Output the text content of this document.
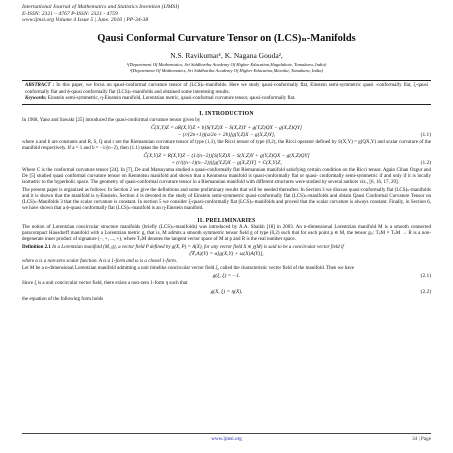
International Journal of Mathematics and Statistics Invention (IJMSI)
E-ISSN: 2321 – 4767 P-ISSN: 2321 - 4759
www.ijmsi.org Volume 4 Issue 5 | June. 2016 | PP-34-38
Qausi Conformal Curvature Tensor on (LCS)ₙ-Manifolds
N.S. Ravikumar¹, K. Nagana Gouda²,
¹(Department Of Mathematics, Sri Siddhartha Academy Of Higher Education,Hagalakote, Tumakuru, India)
²(Department Of Mathematics, Sri Siddhartha Academy Of Higher Education,Maralur, Tumakuru, India)
ABSTRACT : In this paper, we focus on qausi-conformal curvature tensor of (LCS)ₙ-manifolds. Here we study qausi-conformally flat, Einstein semi-symmetric qausi -conformally flat, ξ-qausi conformally flat and ϕ-qausi conformally flat (LCS)ₙ-manifolds and obtained some interesting results.
Keywords: Einstein semi-symmetric, η-Einstein manifold, Lorentzian metric, qausi-conformal curvature tensor, qausi-conformally flat.
I. INTRODUCTION
In 1968, Yano and Sawaki [25] introduced the quasi-conformal curvature tensor given by
C̃(X,Y)Z = aR(X,Y)Z + b[S(Y,Z)X − S(X,Z)Y + g(Y,Z)QX − g(X,Z)QY]
− (r/(2n+1))(a/2n + 2b)[g(Y,Z)X − g(X,Z)Y],	(1.1)
where a and b are constants and R, S, Q and r are the Riemannian curvature tensor of type (1,3), the Ricci tensor of type (0,2), the Ricci operator defined by S(X,Y) = g(QX,Y) and scalar curvature of the manifold respectively. If a = 1 and b = −1/(n−2), then (1.1) takes the form
C̃(X,Y)Z = R(X,Y)Z − (1/(n−2))[S(Y,Z)X − S(X,Z)Y + g(Y,Z)QX − g(X,Z)QY]
+ (r/((n−1)(n−2)))[g(Y,Z)X − g(X,Z)Y] = C(X,Y)Z,	(1.2)
Where C is the conformal curvature tensor [24]. In [7], De and Matsuyama studied a quasi-conformally flat Riemannian manifold satisfying certain condition on the Ricci tensor. Again Cihan Ozgur and De [5] studied quasi conformal curvature tensor on Kenmotsu manifold and shown that a Kenmotsu manifold is quasi-conformally flat or quasi- conformally semi-symmetric if and only if it is locally isometric to the hyperbolic space. The geometry of quasi-conformal curvature tensor in a Riemannian manifold with different structures were studied by several authors viz., [6, 16, 17, 20].
The present paper is organized as follows: In Section 2 we give the definitions and some preliminary results that will be needed thereafter. In Section 3 we discuss quasi-conformally flat (LCS)ₙ-manifolds and it is shown that the manifold is η-Einstein. Section 4 is devoted to the study of Einstein semi-symmetric quasi-conformally flat (LCS)ₙ-manifolds and obtain Qausi Conformal Curvature Tensor on (LCS)ₙ-Manifolds 3 that the scalar curvature is constant. In section 5 we consider ξ-quasi-conformally flat (LCS)ₙ-manifolds and proved that the scalar curvature is always constant. Finally, in Section 6, we have shown that a ϕ-quasi conformally flat (LCS)ₙ-manifold is an η-Einstein manifold.
II. PRELIMINARIES
The notion of Lorentzian concircular structure manifolds (briefly (LCS)ₙ-manifolds) was introduced by A.A. Shaikh [18] in 2003. An n-dimensional Lorentzian manifold M is a smooth connected paracompact Hausdorff manifold with a Lorentzian metric g, that is, M admits a smooth symmetric tensor field g of type (0,2) such that for each point p ∈ M, the tensor gₚ: TₚM × TₚM → R is a non-degenerate inner product of signature (−, +, ..., +), where TₚM denotes the tangent vector space of M at p and R is the real number space.
Definition 2.1 In a Lorentzian manifold (M, g), a vector field P defined by g(X, P) = A(X), for any vector field X ∈ χ(M) is said to be a concircular vector field if
(∇ₓA)(Y) = α[g(X,Y) + ω(X)A(Y)],
where α is a non-zero scalar function. A is a 1-form and ω is a closed 1-form.
Let M be a n-dimensional Lorentzian manifold admitting a unit timelike concircular vector field ξ, called the characteristic vector field of the manifold. Then we have
g(ξ, ξ) = −1.	(2.1)
Since ξ is a unit concircular vector field, there exists a non-zero 1-form η such that
g(X, ξ) = η(X),	(2.2)
the equation of the following form holds
www.ijmsi.org	34 | Page
